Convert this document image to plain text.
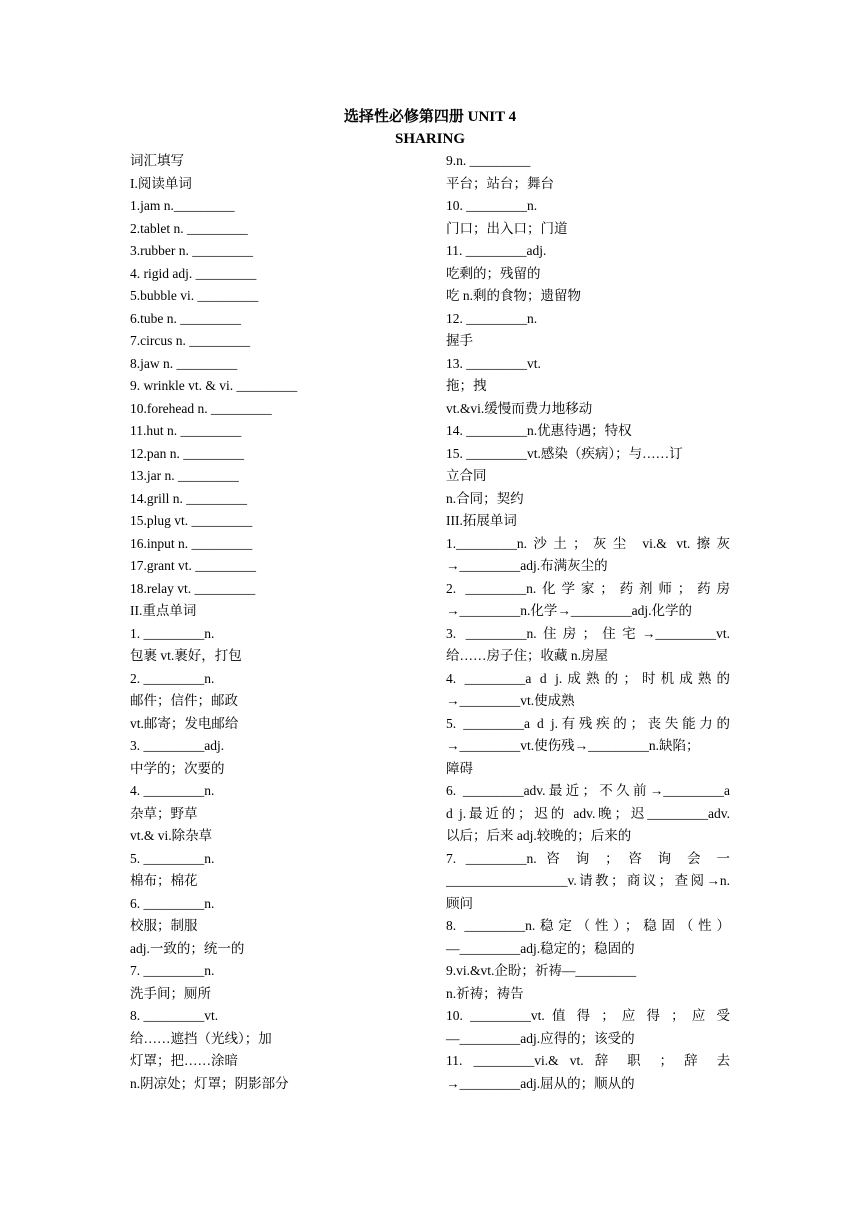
选择性必修第四册 UNIT 4
SHARING
词汇填写
I.阅读单词
1.jam n._________
2.tablet n. _________
3.rubber n. _________
4. rigid adj. _________
5.bubble vi. _________
6.tube n. _________
7.circus n. _________
8.jaw n. _________
9. wrinkle vt. & vi. _________
10.forehead n. _________
11.hut n. _________
12.pan n. _________
13.jar n. _________
14.grill n. _________
15.plug vt. _________
16.input n. _________
17.grant vt. _________
18.relay vt. _________
II.重点单词
1. _________n.
包裹 vt.裹好，打包
2. _________n.
邮件；信件；邮政
vt.邮寄；发电邮给
3. _________adj.
中学的；次要的
4. _________n.
杂草；野草
vt.& vi.除杂草
5. _________n.
棉布；棉花
6. _________n.
校服；制服
adj.一致的；统一的
7. _________n.
洗手间；厕所
8. _________vt.
给……遮挡（光线）；加
灯罩；把……涂暗
n.阴凉处；灯罩；阴影部分
9.n. _________
平台；站台；舞台
10. _________n.
门口；出入口；门道
11. _________adj.
吃剩的；残留的
吃 n.剩的食物；遗留物
12. _________n.
握手
13. _________vt.
拖；拽
vt.&vi.缓慢而费力地移动
14. _________n.优惠待遇；特权
15. _________vt.感染（疾病）；与……订
立合同
n.合同；契约
III.拓展单词
1._________n.沙土；灰尘 vi.& vt.擦灰
→_________adj.布满灰尘的
2. _________n.化学家；药剂师；药房
→_________n.化学→_________adj.化学的
3. _________n.住房；住宅→_________vt.
给……房子住；收藏 n.房屋
4. _________a d j.成熟的；时机成熟的
→_________vt.使成熟
5. _________a d j.有残疾的；丧失能力的
→_________vt.使伤残→_________n.缺陷；
障碍
6. _________adv.最近；不久前→_________a
d j.最近的；迟的 adv.晚；迟_________adv.
以后；后来 adj.较晚的；后来的
7. _________n. 咨 询 ； 咨 询 会 一
__________________v.请教；商议；查阅→n.
顾问
8. _________n.稳定（性）；稳固（性）
—_________adj.稳定的；稳固的
9.vi.&vt.企盼；祈祷—_________
n.祈祷；祷告
10. _________vt. 值 得 ； 应 得 ； 应 受
—_________adj.应得的；该受的
11. _________vi.& vt. 辞 职 ； 辞 去
→_________adj.屈从的；顺从的
